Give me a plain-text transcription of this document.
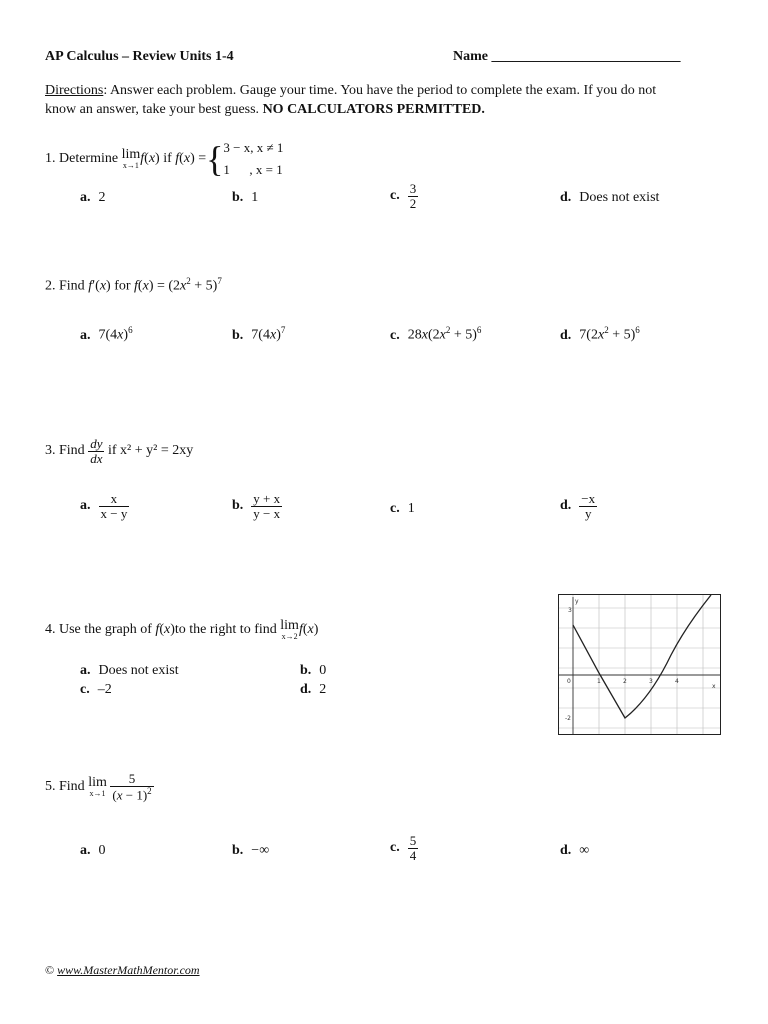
AP Calculus – Review Units 1-4	Name ___________________________
Directions: Answer each problem. Gauge your time. You have the period to complete the exam. If you do not
know an answer, take your best guess. NO CALCULATORS PERMITTED.
1. Determine lim
x→1 f(x) if f(x) ={ 3 − x, x ≠ 1
1      , x = 1
a. 2	b. 1	c. $\frac{3}{2}$	d. Does not exist
2. Find f′(x) for $f(x) = (2x^2 + 5)^7$
a. $7(4x)^6$	b. $7(4x)^7$	c. $28x(2x^2 + 5)^6$	d. $7(2x^2 + 5)^6$
3. Find $\frac{dy}{dx}$ if x² + y² = 2xy
a. $\frac{x}{x - y}$	b. $\frac{y + x}{y - x}$	c. 1	d. $\frac{-x}{y}$
4. Use the graph of f(x)to the right to find lim
x→2 f(x)
a. Does not exist	b. 0
c. –2	d. 2
y
x
0	1	2	3	4
3
-2
5. Find lim
x→1
$\frac{5}{(x - 1)^2}$
a. 0	b. −∞	c. $\frac{5}{4}$	d. ∞
© www.MasterMathMentor.com
